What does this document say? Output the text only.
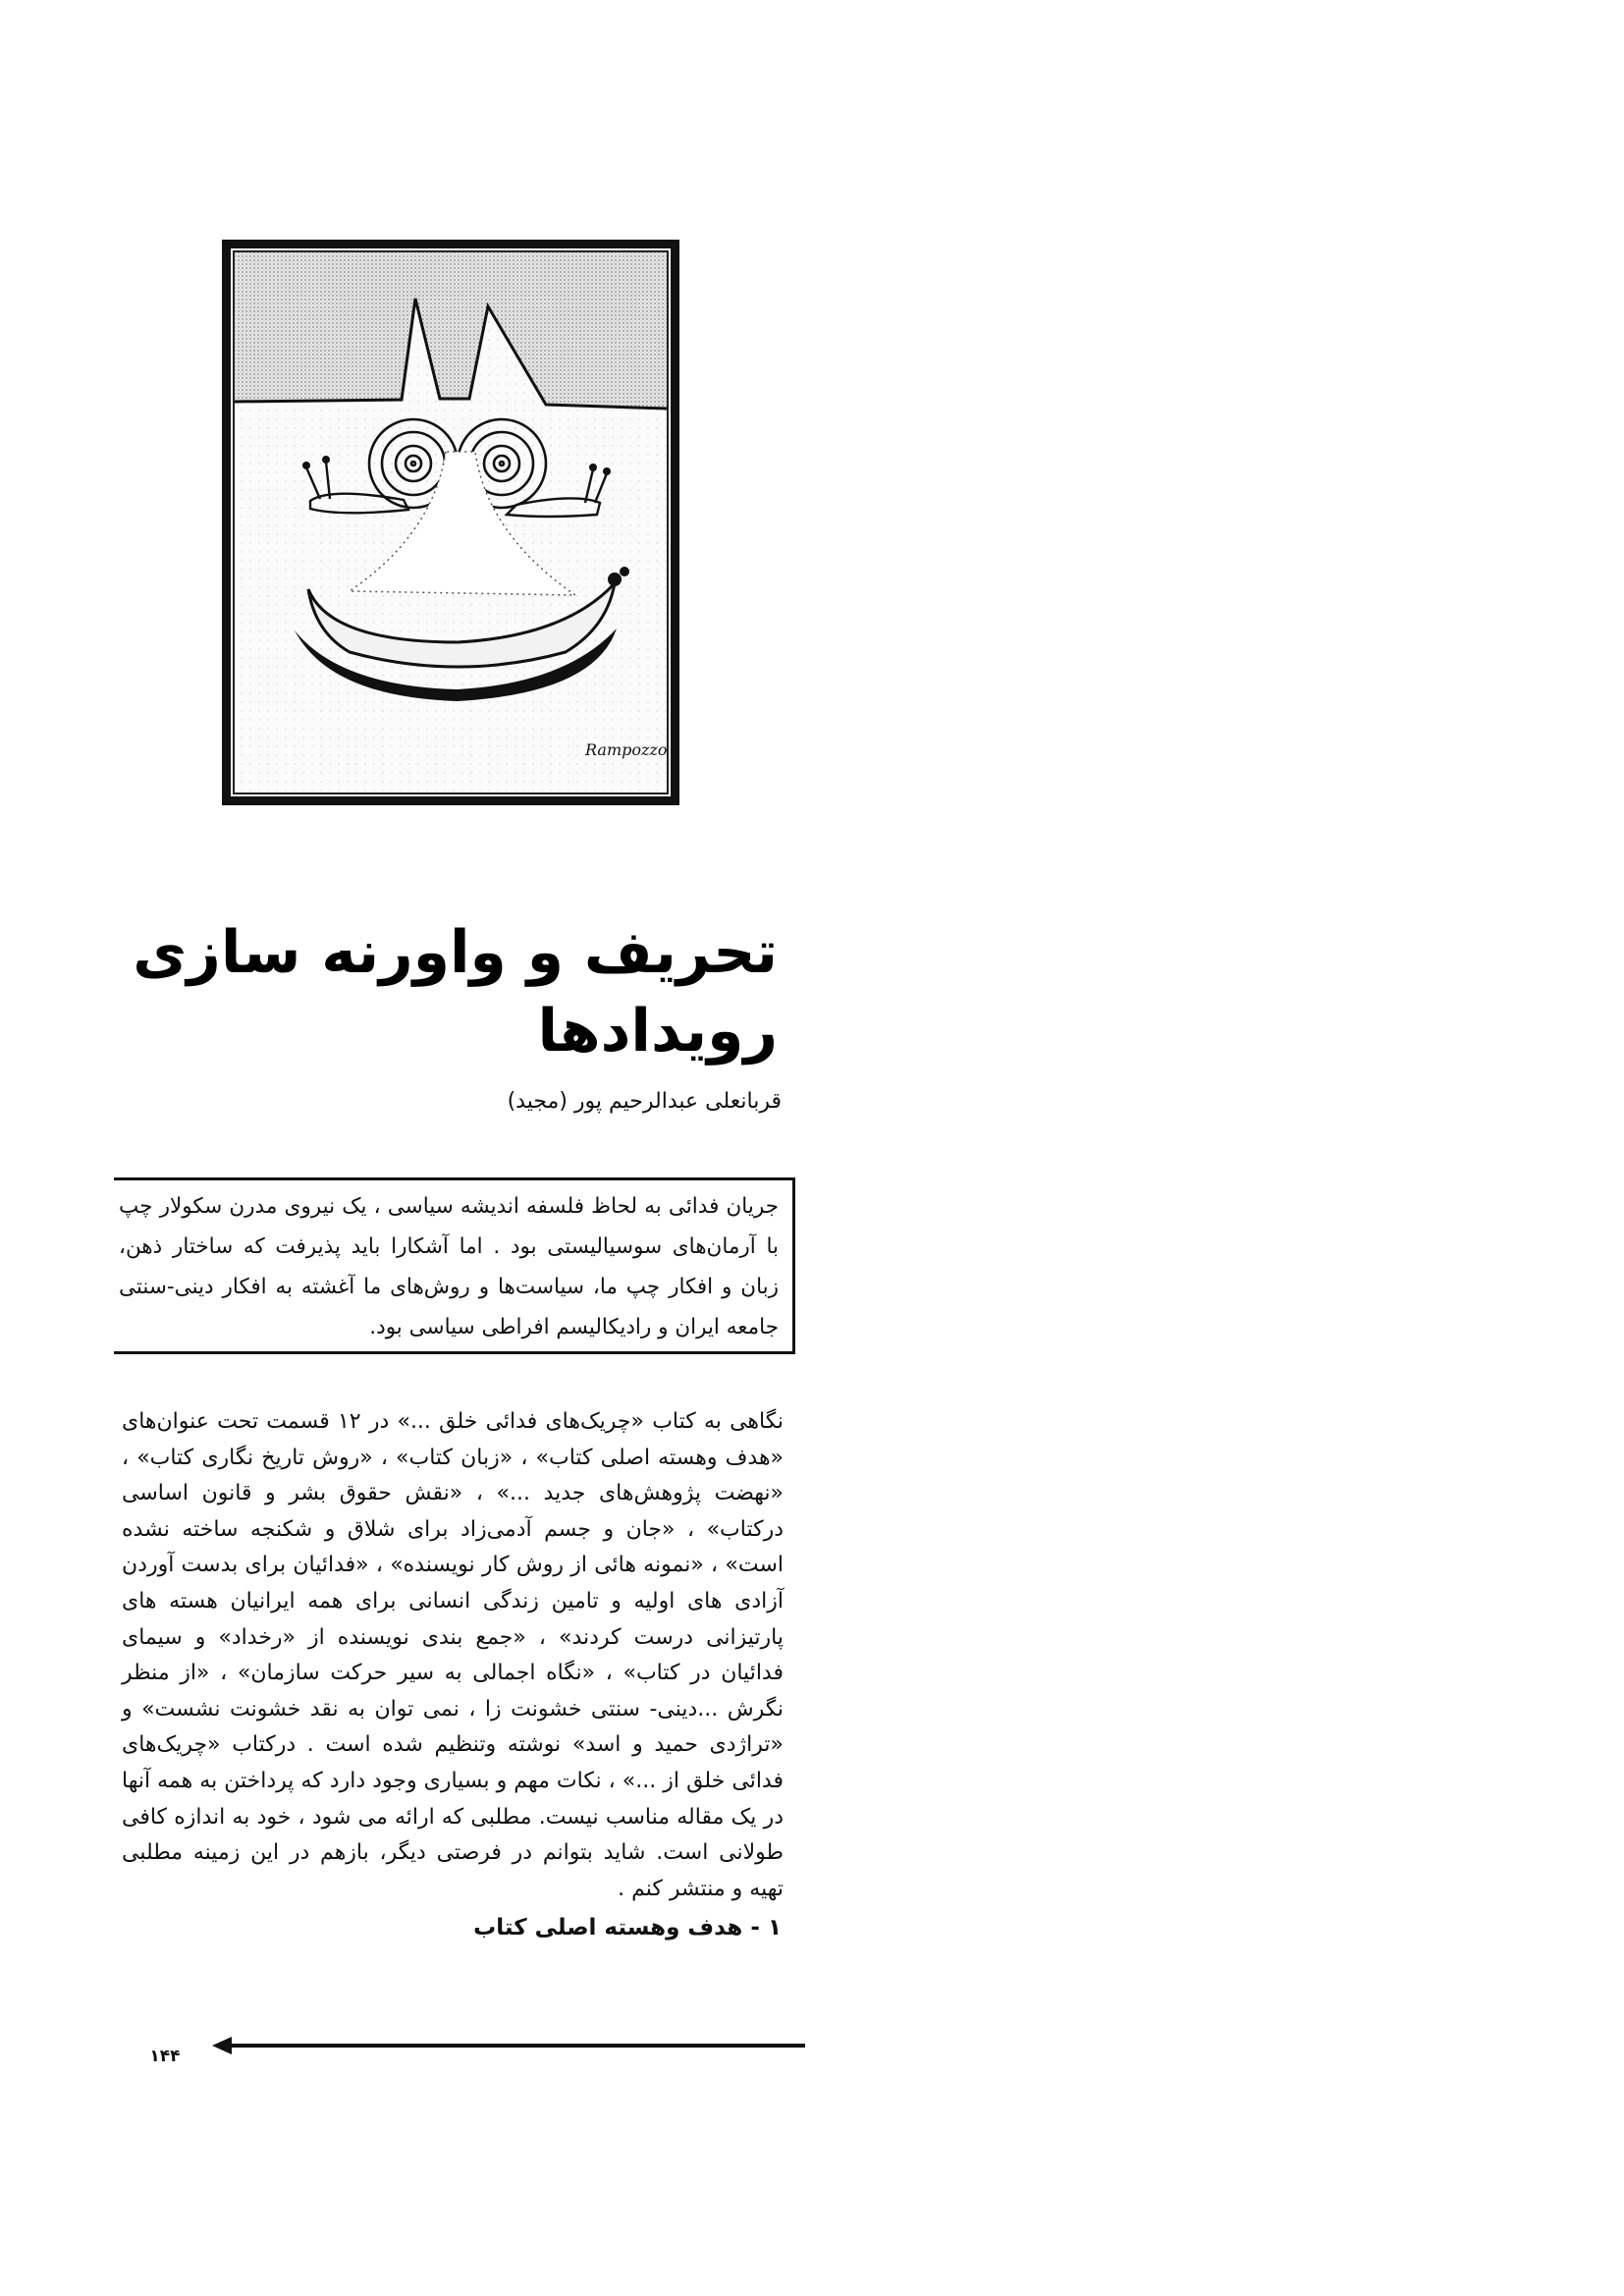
Rampozzo
تحریف و واورنه سازی رویدادها
قربانعلی عبدالرحیم پور (مجید)
جریان فدائی به لحاظ فلسفه اندیشه سیاسی ، یک نیروی مدرن سکولار چپ با آرمان‌های سوسیالیستی بود . اما آشکارا باید پذیرفت که ساختار ذهن، زبان و افکار چپ ما، سیاست‌ها و روش‌های ما آغشته به افکار دینی-سنتی جامعه ایران و رادیکالیسم افراطی سیاسی بود.
نگاهی به کتاب «چریک‌های فدائی خلق ...» در ۱۲ قسمت تحت عنوان‌های «هدف وهسته اصلی کتاب» ، «زبان کتاب» ، «روش تاریخ نگاری کتاب» ، «نهضت پژوهش‌های جدید ...» ، «نقش حقوق بشر و قانون اساسی درکتاب» ، «جان و جسم آدمی‌زاد برای شلاق و شکنجه ساخته نشده است» ، «نمونه هائی از روش کار نویسنده» ، «فدائیان برای بدست آوردن آزادی های اولیه و تامین زندگی انسانی برای همه ایرانیان هسته های پارتیزانی درست کردند» ، «جمع بندی نویسنده از «رخداد» و سیمای فدائیان در کتاب» ، «نگاه اجمالی به سیر حرکت سازمان» ، «از منظر نگرش ...دینی- سنتی خشونت زا ، نمی توان به نقد خشونت نشست» و «تراژدی حمید و اسد» نوشته وتنظیم شده است . درکتاب «چریک‌های فدائی خلق از ...» ، نکات مهم و بسیاری وجود دارد که پرداختن به همه آنها در یک مقاله مناسب نیست. مطلبی که ارائه می شود ، خود به اندازه کافی طولانی است. شاید بتوانم در فرصتی دیگر، بازهم در این زمینه مطلبی تهیه و منتشر کنم .
۱ - هدف وهسته اصلی کتاب
۱۴۴
